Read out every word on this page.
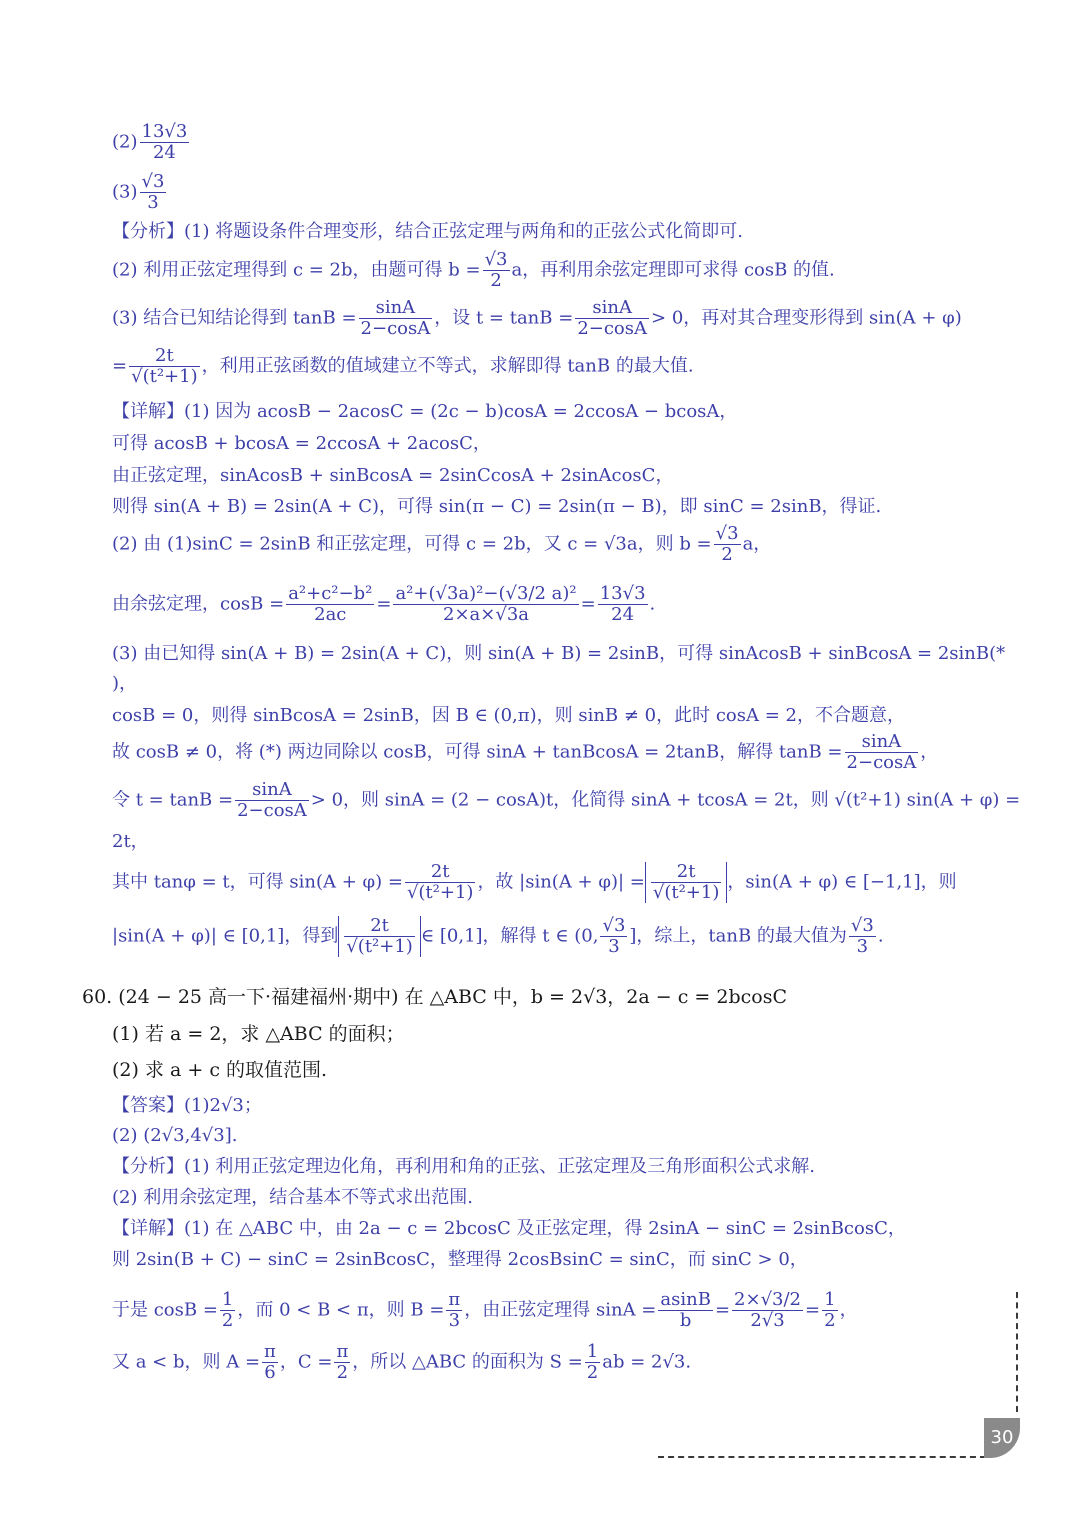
$(2) \frac{13√3}{24}$
$(3) \frac{√3}{3}$
【分析】(1) 将题设条件合理变形，结合正弦定理与两角和的正弦公式化简即可.
(2) 利用正弦定理得到 c = 2b，由题可得 $b = \frac{√3}{2}$ a，再利用余弦定理即可求得 cosB 的值.
(3) 结合已知结论得到 $\tan B = \frac{\sin A}{2-\cos A}$ ，设 $t = \tan B = \frac{\sin A}{2-\cos A} > 0$，再对其合理变形得到 sin(A + φ)
= $\frac{2t}{\text{√(t²+1)}}$ ，利用正弦函数的值域建立不等式，求解即得 tanB 的最大值.
【详解】(1) 因为 acosB − 2acosC = (2c − b)cosA = 2ccosA − bcosA，
可得 acosB + bcosA = 2ccosA + 2acosC，
由正弦定理，sinAcosB + sinBcosA = 2sinCcosA + 2sinAcosC，
则得 sin(A + B) = 2sin(A + C)，可得 sin(π − C) = 2sin(π − B)，即 sinC = 2sinB，得证.
(2) 由 (1)sinC = 2sinB 和正弦定理，可得 c = 2b，又 c = √3a，则 $b = \frac{√3}{2}$ a，
由余弦定理，$\cos B = \frac{\text{a²+c²−b²}}{2ac} = \frac{\text{a²+(√3a)²−(√3/2 a)²}}{2\times a\times√3a} = \frac{13√3}{24}$ .
(3) 由已知得 sin(A + B) = 2sin(A + C)，则 sin(A + B) = 2sinB，可得 sinAcosB + sinBcosA = 2sinB(*
)，
cosB = 0，则得 sinBcosA = 2sinB，因 B ∈ (0,π)，则 sinB ≠ 0，此时 cosA = 2，不合题意，
故 cosB ≠ 0，将 (*) 两边同除以 cosB，可得 sinA + tanBcosA = 2tanB，解得 $\tan B = \frac{\sin A}{2-\cos A}$ ，
令 $t = \tan B = \frac{\sin A}{2-\cos A} > 0$，则 sinA = (2 − cosA)t，化简得 sinA + tcosA = 2t，则 √(t²+1) sin(A + φ) =
2t，
其中 tanφ = t，可得 $\sin(A + \varphi) = \frac{2t}{\text{√(t²+1)}}$ ，故 $|\sin(A + \varphi)| = \frac{2t}{\text{√(t²+1)}}$ ，sin(A + φ) ∈ [−1,1]，则
|sin(A + φ)| ∈ [0,1]，得到 $\frac{2t}{\text{√(t²+1)}}$ ∈ [0,1]，解得 t ∈ (0, $\frac{√3}{3}$ ]，综上，tanB 的最大值为 $\frac{√3}{3}$ .
60. (24 − 25 高一下·福建福州·期中) 在 △ABC 中，b = 2√3，2a − c = 2bcosC
(1) 若 a = 2，求 △ABC 的面积；
(2) 求 a + c 的取值范围.
【答案】(1)2√3；
(2) (2√3,4√3].
【分析】(1) 利用正弦定理边化角，再利用和角的正弦、正弦定理及三角形面积公式求解.
(2) 利用余弦定理，结合基本不等式求出范围.
【详解】(1) 在 △ABC 中，由 2a − c = 2bcosC 及正弦定理，得 2sinA − sinC = 2sinBcosC，
则 2sin(B + C) − sinC = 2sinBcosC，整理得 2cosBsinC = sinC，而 sinC > 0，
于是 $\cos B = \frac{1}{2}$ ，而 0 < B < π，则 $B = \frac{\pi}{3}$ ，由正弦定理得 $\sin A = \frac{asinB}{b} = \frac{2\times√3/2}{2√3} = \frac{1}{2}$ ，
又 a < b，则 $A = \frac{\pi}{6}$ ，$C = \frac{\pi}{2}$ ，所以 △ABC 的面积为 $S = \frac{1}{2}$ ab = 2√3.
30
